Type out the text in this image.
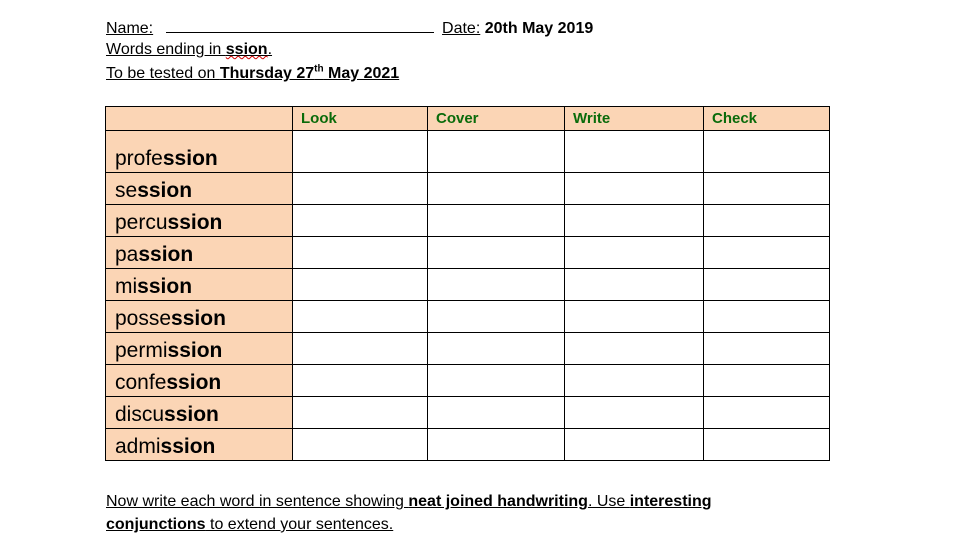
Name:	Date: 20th May 2019
Words ending in ssion.
To be tested on Thursday 27th May 2021
	Look	Cover	Write	Check
profession				
session				
percussion				
passion				
mission				
possession				
permission				
confession				
discussion				
admission				
Now write each word in sentence showing neat joined handwriting. Use interesting conjunctions to extend your sentences.
